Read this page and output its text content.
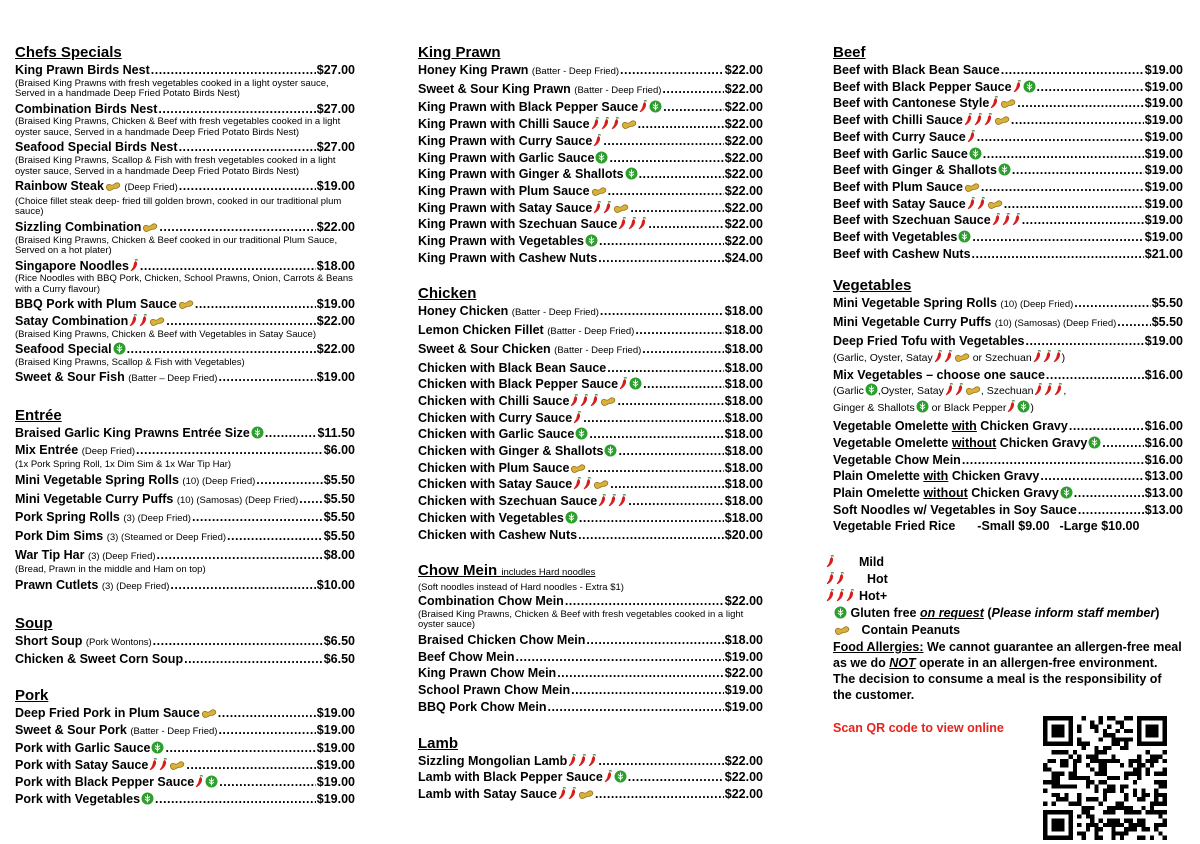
Chefs Specials
King Prawn Birds Nest .....	$27.00
(Braised King Prawns with fresh vegetables cooked in a light oyster sauce, Served in a handmade Deep Fried Potato Birds Nest)
Combination Birds Nest .....	$27.00
(Braised King Prawns, Chicken & Beef with fresh vegetables cooked in a light oyster sauce, Served in a handmade Deep Fried Potato Birds Nest)
Seafood Special Birds Nest .....	$27.00
(Braised King Prawns, Scallop & Fish with fresh vegetables cooked in a light oyster sauce, Served in a handmade Deep Fried Potato Birds Nest)
Rainbow Steak (Deep Fried) .....	$19.00
(Choice fillet steak deep- fried till golden brown, cooked in our traditional plum sauce)
Sizzling Combination .....	$22.00
(Braised King Prawns, Chicken & Beef cooked in our traditional Plum Sauce, Served on a hot plater)
Singapore Noodles .....	$18.00
(Rice Noodles with BBQ Pork, Chicken, School Prawns, Onion, Carrots & Beans with a Curry flavour)
BBQ Pork with Plum Sauce .....	$19.00
Satay Combination .....	$22.00
(Braised King Prawns, Chicken & Beef with Vegetables in Satay Sauce)
Seafood Special .....	$22.00
(Braised King Prawns, Scallop & Fish with Vegetables)
Sweet & Sour Fish (Batter – Deep Fried) .....	$19.00
Entrée
Braised Garlic King Prawns Entrée Size .....	$11.50
Mix Entrée (Deep Fried) .....	$6.00
(1x Pork Spring Roll, 1x Dim Sim & 1x War Tip Har)
Mini Vegetable Spring Rolls (10) (Deep Fried) .....	$5.50
Mini Vegetable Curry Puffs (10) (Samosas) (Deep Fried) ..... $5.50
Pork Spring Rolls (3) (Deep Fried) .....	$5.50
Pork Dim Sims (3) (Steamed or Deep Fried) .....	$5.50
War Tip Har (3) (Deep Fried) .....	$8.00
(Bread, Prawn in the middle and Ham on top)
Prawn Cutlets (3) (Deep Fried) .....	$10.00
Soup
Short Soup (Pork Wontons) .....	$6.50
Chicken & Sweet Corn Soup .....	$6.50
Pork
Deep Fried Pork in Plum Sauce .....	$19.00
Sweet & Sour Pork (Batter - Deep Fried) .....	$19.00
Pork with Garlic Sauce .....	$19.00
Pork with Satay Sauce .....	$19.00
Pork with Black Pepper Sauce .....	$19.00
Pork with Vegetables .....	$19.00
King Prawn
Honey King Prawn (Batter - Deep Fried) .....	$22.00
Sweet & Sour King Prawn (Batter - Deep Fried) .....	$22.00
King Prawn with Black Pepper Sauce .....	$22.00
King Prawn with Chilli Sauce .....	$22.00
King Prawn with Curry Sauce .....	$22.00
King Prawn with Garlic Sauce .....	$22.00
King Prawn with Ginger & Shallots .....	$22.00
King Prawn with Plum Sauce .....	$22.00
King Prawn with Satay Sauce .....	$22.00
King Prawn with Szechuan Sauce .....	$22.00
King Prawn with Vegetables .....	$22.00
King Prawn with Cashew Nuts .....	$24.00
Chicken
Honey Chicken (Batter - Deep Fried) .....	$18.00
Lemon Chicken Fillet (Batter - Deep Fried) .....	$18.00
Sweet & Sour Chicken (Batter - Deep Fried) .....	$18.00
Chicken with Black Bean Sauce .....	$18.00
Chicken with Black Pepper Sauce .....	$18.00
Chicken with Chilli Sauce .....	$18.00
Chicken with Curry Sauce .....	$18.00
Chicken with Garlic Sauce .....	$18.00
Chicken with Ginger & Shallots .....	$18.00
Chicken with Plum Sauce .....	$18.00
Chicken with Satay Sauce .....	$18.00
Chicken with Szechuan Sauce .....	$18.00
Chicken with Vegetables .....	$18.00
Chicken with Cashew Nuts .....	$20.00
Chow Mein includes Hard noodles
(Soft noodles instead of Hard noodles - Extra $1)
Combination Chow Mein .....	$22.00
(Braised King Prawns, Chicken & Beef with fresh vegetables cooked in a light oyster sauce)
Braised Chicken Chow Mein .....	$18.00
Beef Chow Mein .....	$19.00
King Prawn Chow Mein .....	$22.00
School Prawn Chow Mein .....	$19.00
BBQ Pork Chow Mein .....	$19.00
Lamb
Sizzling Mongolian Lamb .....	$22.00
Lamb with Black Pepper Sauce .....	$22.00
Lamb with Satay Sauce .....	$22.00
Beef
Beef with Black Bean Sauce .....	$19.00
Beef with Black Pepper Sauce .....	$19.00
Beef with Cantonese Style .....	$19.00
Beef with Chilli Sauce .....	$19.00
Beef with Curry Sauce .....	$19.00
Beef with Garlic Sauce .....	$19.00
Beef with Ginger & Shallots .....	$19.00
Beef with Plum Sauce .....	$19.00
Beef with Satay Sauce .....	$19.00
Beef with Szechuan Sauce .....	$19.00
Beef with Vegetables .....	$19.00
Beef with Cashew Nuts .....	$21.00
Vegetables
Mini Vegetable Spring Rolls (10) (Deep Fried) .....	$5.50
Mini Vegetable Curry Puffs (10) (Samosas) (Deep Fried) .....	$5.50
Deep Fried Tofu with Vegetables .....	$19.00
(Garlic, Oyster, Satay	or Szechuan	)
Mix Vegetables – choose one sauce .....	$16.00
(Garlic ,Oyster, Satay	, Szechuan	,
Ginger & Shallots or Black Pepper )
Vegetable Omelette with Chicken Gravy .....	$16.00
Vegetable Omelette without Chicken Gravy .....	$16.00
Vegetable Chow Mein .....	$16.00
Plain Omelette with Chicken Gravy .....	$13.00
Plain Omelette without Chicken Gravy .....	$13.00
Soft Noodles w/ Vegetables in Soy Sauce .....	$13.00
Vegetable Fried Rice -Small $9.00 -Large $10.00
Mild
Hot
Hot+
Gluten free on request (Please inform staff member)
Contain Peanuts
Food Allergies: We cannot guarantee an allergen-free meal as we do NOT operate in an allergen-free environment. The decision to consume a meal is the responsibility of the customer.
Scan QR code to view online
